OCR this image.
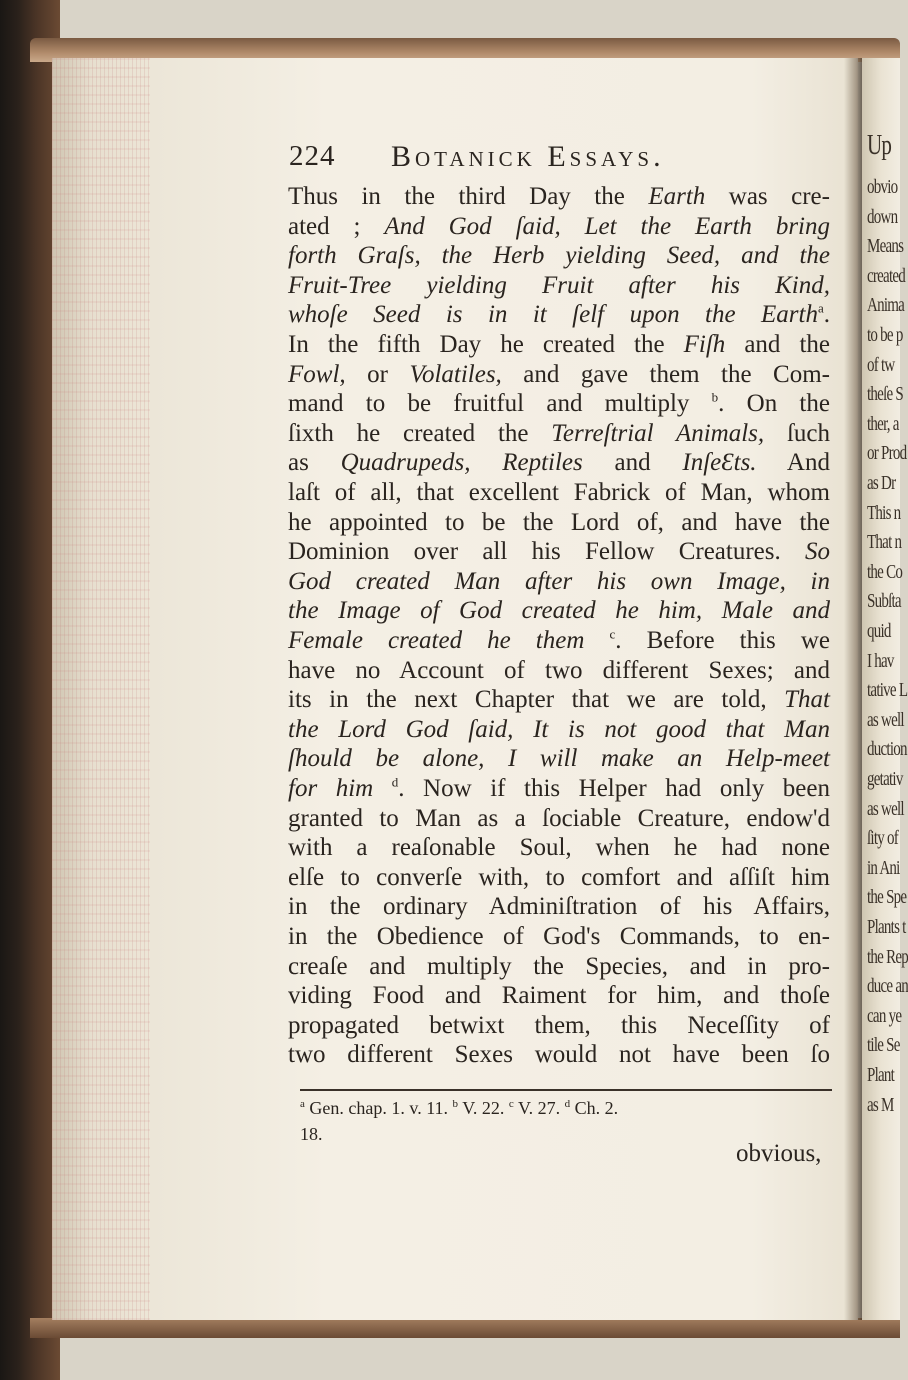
Up
obvio
down
Means
created
Anima
to be p
of tw
theſe S
ther, a
or Prod
as Dr
This n
That n
the Co
Subſta
quid
I hav
tative L
as well
duction
getativ
as well
ſity of
in Ani
the Spe
Plants t
the Rep
duce an
can ye
tile Se
Plant
as M
224 Botanick Essays.
Thus in the third Day the Earth was cre-
ated ; And God ſaid, Let the Earth bring
forth Graſs, the Herb yielding Seed, and the
Fruit-Tree yielding Fruit after his Kind,
whoſe Seed is in it ſelf upon the Earth$^a$.
In the fifth Day he created the Fiſh and the
Fowl, or Volatiles, and gave them the Com-
mand to be fruitful and multiply $^b$. On the
ſixth he created the Terreſtrial Animals, ſuch
as Quadrupeds, Reptiles and InſeƐts. And
laſt of all, that excellent Fabrick of Man, whom
he appointed to be the Lord of, and have the
Dominion over all his Fellow Creatures. So
God created Man after his own Image, in
the Image of God created he him, Male and
Female created he them $^c$. Before this we
have no Account of two different Sexes; and
its in the next Chapter that we are told, That
the Lord God ſaid, It is not good that Man
ſhould be alone, I will make an Help-meet
for him $^d$. Now if this Helper had only been
granted to Man as a ſociable Creature, endow'd
with a reaſonable Soul, when he had none
elſe to converſe with, to comfort and aſſiſt him
in the ordinary Adminiſtration of his Affairs,
in the Obedience of God's Commands, to en-
creaſe and multiply the Species, and in pro-
viding Food and Raiment for him, and thoſe
propagated betwixt them, this Neceſſity of
two different Sexes would not have been ſo
$^a$ Gen. chap. 1. v. 11. $^b$ V. 22. $^c$ V. 27. $^d$ Ch. 2.
18.
obvious,
